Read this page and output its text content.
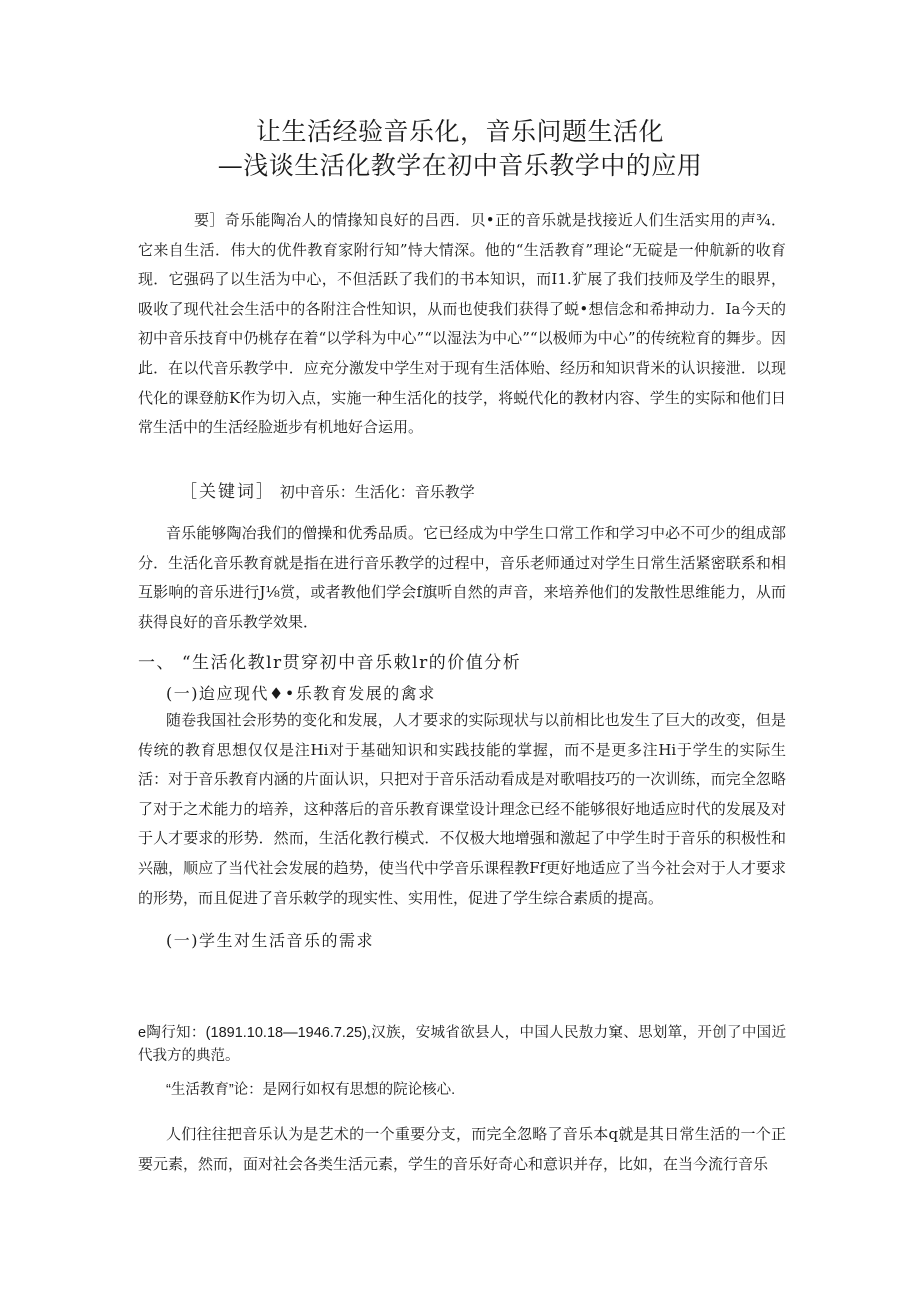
让生活经验音乐化，音乐问题生活化
—浅谈生活化教学在初中音乐教学中的应用

要］奇乐能陶冶人的情掾知良好的吕西．贝•正的音乐就是找接近人们生活实用的声¾．它来自生活．伟大的优件教育家附行知”恃大情深。他的“生活教育”理论“无碇是一仲航新的收育现．它强码了以生活为中心，不但活跃了我们的书本知识，而I1.犷展了我们技师及学生的眼界，吸收了现代社会生活中的各附注合性知识，从而也使我们获得了蜕•想信念和希抻动力．Ia今天的初中音乐技育中仍桃存在着“以学科为中心”“以湿法为中心”“以极师为中心”的传统粒育的舞步。因此．在以代音乐教学中．应充分激发中学生对于现有生活体贻、经历和知识背米的认识接泄．以现代化的课登舫K作为切入点，实施一种生活化的技学，将蜕代化的教材内容、学生的实际和他们日常生活中的生活经脸逝步有机地好合运用。

［关键词］ 初中音乐：生活化：音乐教学

音乐能够陶冶我们的僧操和优秀品质。它已经成为中学生口常工作和学习中必不可少的组成部分．生活化音乐教育就是指在进行音乐教学的过程中，音乐老师通过对学生日常生活紧密联系和相互影响的音乐进行J⅛赏，或者教他们学会f旗听自然的声音，来培养他们的发散性思维能力，从而获得良好的音乐教学效果．

一、 “生活化教lr贯穿初中音乐敕lr的价值分析
(一)迨应现代♦•乐教育发展的禽求

随卷我国社会形势的变化和发展，人才要求的实际现状与以前相比也发生了巨大的改变，但是传统的教育思想仅仅是注Hi对于基础知识和实践技能的掌握，而不是更多注Hi于学生的实际生活：对于音乐教育内涵的片面认识，只把对于音乐活动看成是对歌唱技巧的一次训练，而完全忽略了对于之术能力的培养，这种落后的音乐教育课堂设计理念已经不能够很好地适应时代的发展及对于人才要求的形势．然而，生活化教行模式．不仅极大地增强和激起了中学生时于音乐的积极性和兴融，顺应了当代社会发展的趋势，使当代中学音乐课程教Ff更好地适应了当今社会对于人才要求的形势，而且促进了音乐敕学的现实性、实用性，促进了学生综合素质的提高。

(一)学生对生活音乐的需求

e陶行知：(1891.10.18—1946.7.25),汉族，安城省欲县人，中国人民敖力窠、思划箪，开创了中国近代我方的典范。

“生活教育”论：是网行如权有思想的院论核心.

人们往往把音乐认为是艺术的一个重要分支，而完全忽略了音乐本q就是其日常生活的一个正要元素，然而，面对社会各类生活元素，学生的音乐好奇心和意识并存，比如，在当今流行音乐
